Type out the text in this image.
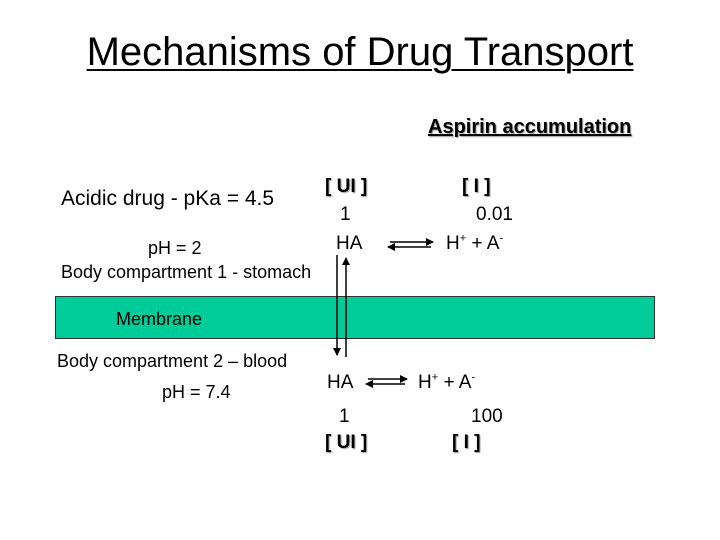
Mechanisms of Drug Transport
Aspirin accumulation
Acidic drug - pKa = 4.5
[ UI ]	[ I ]
1	0.01
HA	H+ + A-
pH = 2
Body compartment 1 - stomach
Membrane
Body compartment 2 – blood
pH = 7.4	HA	H+ + A-
1	100
[ UI ]	[ I ]
